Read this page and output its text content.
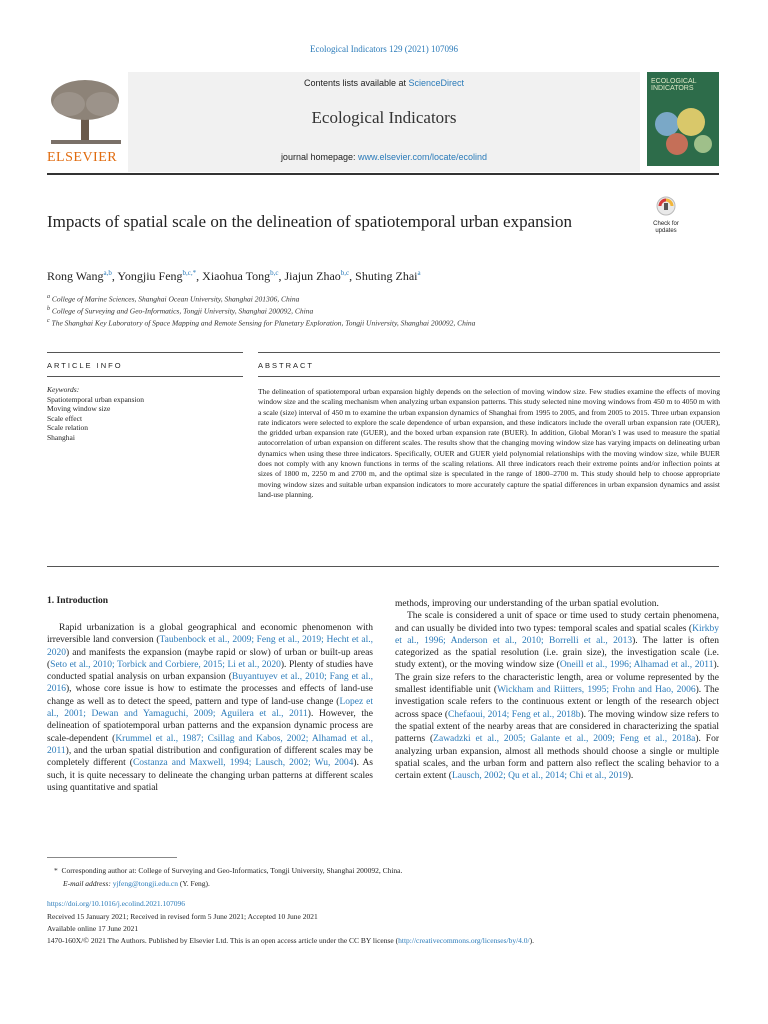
Ecological Indicators 129 (2021) 107096
Contents lists available at ScienceDirect
Ecological Indicators
journal homepage: www.elsevier.com/locate/ecolind
ELSEVIER
ECOLOGICAL INDICATORS
Impacts of spatial scale on the delineation of spatiotemporal urban expansion	Check for updates
Rong Wang$^{a,b}$, Yongjiu Feng$^{b,c,*}$, Xiaohua Tong$^{b,c}$, Jiajun Zhao$^{b,c}$, Shuting Zhai$^a$
$^a$ College of Marine Sciences, Shanghai Ocean University, Shanghai 201306, China
$^b$ College of Surveying and Geo-Informatics, Tongji University, Shanghai 200092, China
$^c$ The Shanghai Key Laboratory of Space Mapping and Remote Sensing for Planetary Exploration, Tongji University, Shanghai 200092, China
ARTICLE INFO	ABSTRACT
Keywords:
Spatiotemporal urban expansion
Moving window size
Scale effect
Scale relation
Shanghai
The delineation of spatiotemporal urban expansion highly depends on the selection of moving window size. Few studies examine the effects of moving window size and the scaling mechanism when analyzing urban expansion patterns. This study selected nine moving windows from 450 m to 4050 m with a scale (size) interval of 450 m to examine the urban expansion dynamics of Shanghai from 1995 to 2005, and from 2005 to 2015. Three urban expansion rate indicators were selected to explore the scale dependence of urban expansion, and these indicators include the overall urban expansion rate (OUER), the gridded urban expansion rate (GUER), and the boxed urban expansion rate (BUER). In addition, Global Moran's I was used to measure the spatial autocorrelation of urban expansion on different scales. The results show that the changing moving window size has varying impacts on delineating urban dynamics when using these three indicators. Specifically, OUER and GUER yield polynomial relationships with the moving window size, while BUER does not comply with any known functions in terms of the scaling relations. All three indicators reach their extreme points and/or inflection points at sizes of 1800 m, 2250 m and 2700 m, and the optimal size is speculated in the range of 1800–2700 m. This study should help to choose appropriate moving window sizes and suitable urban expansion indicators to more accurately capture the spatial differences in urban expansion dynamics and assist land-use planning.
1. Introduction

Rapid urbanization is a global geographical and economic phenomenon with irreversible land conversion (Taubenbock et al., 2009; Feng et al., 2019; Hecht et al., 2020) and manifests the expansion (maybe rapid or slow) of urban or built-up areas (Seto et al., 2010; Torbick and Corbiere, 2015; Li et al., 2020). Plenty of studies have conducted spatial analysis on urban expansion (Buyantuyev et al., 2010; Fang et al., 2016), whose core issue is how to estimate the processes and effects of land-use change as well as to detect the speed, pattern and type of land-use change (Lopez et al., 2001; Dewan and Yamaguchi, 2009; Aguilera et al., 2011). However, the delineation of spatiotemporal urban patterns and the expansion dynamic process are scale-dependent (Krummel et al., 1987; Csillag and Kabos, 2002; Alhamad et al., 2011), and the urban spatial distribution and configuration of different scales may be completely different (Costanza and Maxwell, 1994; Lausch, 2002; Wu, 2004). As such, it is quite necessary to delineate the changing urban patterns at different scales using quantitative and spatial

methods, improving our understanding of the urban spatial evolution.

The scale is considered a unit of space or time used to study certain phenomena, and can usually be divided into two types: temporal scales and spatial scales (Kirkby et al., 1996; Anderson et al., 2010; Borrelli et al., 2013). The latter is often categorized as the spatial resolution (i.e. grain size), the investigation scale (i.e. study extent), or the moving window size (Oneill et al., 1996; Alhamad et al., 2011). The grain size refers to the characteristic length, area or volume represented by the smallest identifiable unit (Wickham and Riitters, 1995; Frohn and Hao, 2006). The investigation scale refers to the continuous extent or length of the research object across space (Chefaoui, 2014; Feng et al., 2018b). The moving window size refers to the spatial extent of the nearby areas that are considered in characterizing the spatial patterns (Zawadzki et al., 2005; Galante et al., 2009; Feng et al., 2018a). For analyzing urban expansion, almost all methods should choose a single or multiple spatial scales, and the urban form and pattern also reflect the scaling behavior to a certain extent (Lausch, 2002; Qu et al., 2014; Chi et al., 2019).

* Corresponding author at: College of Surveying and Geo-Informatics, Tongji University, Shanghai 200092, China.
E-mail address: yjfeng@tongji.edu.cn (Y. Feng).
https://doi.org/10.1016/j.ecolind.2021.107096
Received 15 January 2021; Received in revised form 5 June 2021; Accepted 10 June 2021
Available online 17 June 2021
1470-160X/© 2021 The Authors. Published by Elsevier Ltd. This is an open access article under the CC BY license (http://creativecommons.org/licenses/by/4.0/).
